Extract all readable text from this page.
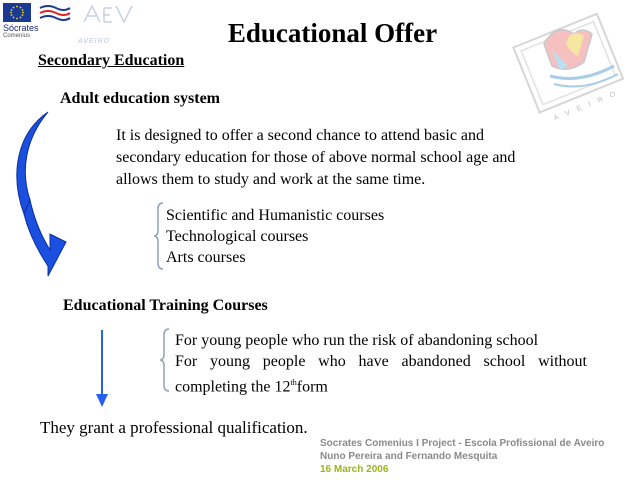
Sócrates
Comenius
AVEIRO
A V E I R O
Educational Offer
Secondary Education
Adult education system
It is designed to offer a second chance to attend basic and secondary education for those of above normal school age and allows them to study and work at the same time.
Scientific and Humanistic courses
Technological courses
Arts courses
Educational Training Courses
For young people who run the risk of abandoning school
For young people who have abandoned school without
completing the 12thform
They grant a professional qualification.
Socrates Comenius I Project - Escola Profissional de Aveiro
Nuno Pereira and Fernando Mesquita
16 March 2006
